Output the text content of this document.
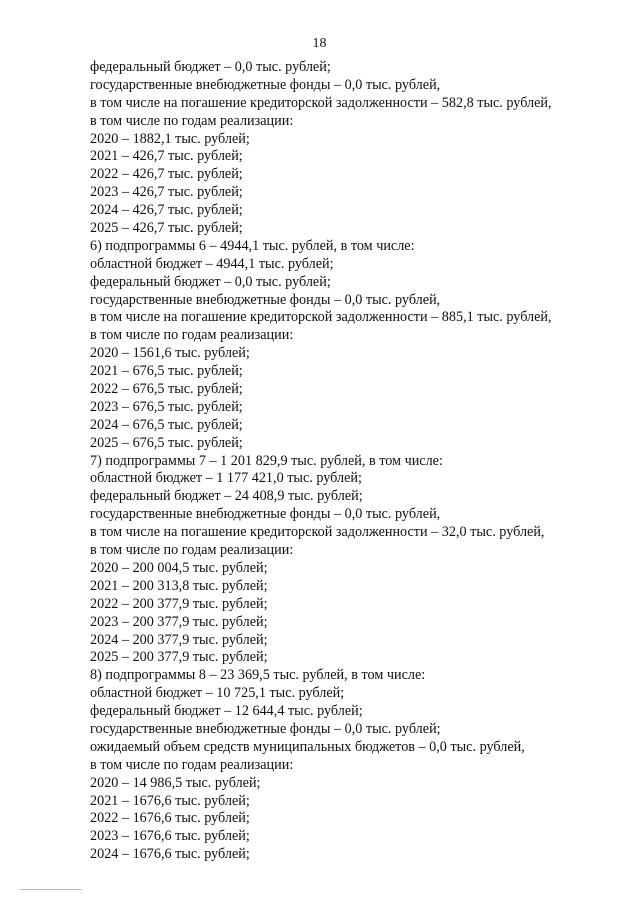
18
федеральный бюджет – 0,0 тыс. рублей;
государственные внебюджетные фонды – 0,0 тыс. рублей,
в том числе на погашение кредиторской задолженности – 582,8 тыс. рублей,
в том числе по годам реализации:
2020 – 1882,1 тыс. рублей;
2021 – 426,7 тыс. рублей;
2022 – 426,7 тыс. рублей;
2023 – 426,7 тыс. рублей;
2024 – 426,7 тыс. рублей;
2025 – 426,7 тыс. рублей;
6) подпрограммы 6 – 4944,1 тыс. рублей, в том числе:
областной бюджет – 4944,1 тыс. рублей;
федеральный бюджет – 0,0 тыс. рублей;
государственные внебюджетные фонды – 0,0 тыс. рублей,
в том числе на погашение кредиторской задолженности – 885,1 тыс. рублей,
в том числе по годам реализации:
2020 – 1561,6 тыс. рублей;
2021 – 676,5 тыс. рублей;
2022 – 676,5 тыс. рублей;
2023 – 676,5 тыс. рублей;
2024 – 676,5 тыс. рублей;
2025 – 676,5 тыс. рублей;
7) подпрограммы 7 – 1 201 829,9 тыс. рублей, в том числе:
областной бюджет – 1 177 421,0 тыс. рублей;
федеральный бюджет – 24 408,9 тыс. рублей;
государственные внебюджетные фонды – 0,0 тыс. рублей,
в том числе на погашение кредиторской задолженности – 32,0 тыс. рублей,
в том числе по годам реализации:
2020 – 200 004,5 тыс. рублей;
2021 – 200 313,8 тыс. рублей;
2022 – 200 377,9 тыс. рублей;
2023 – 200 377,9 тыс. рублей;
2024 – 200 377,9 тыс. рублей;
2025 – 200 377,9 тыс. рублей;
8) подпрограммы 8 – 23 369,5 тыс. рублей, в том числе:
областной бюджет – 10 725,1 тыс. рублей;
федеральный бюджет – 12 644,4 тыс. рублей;
государственные внебюджетные фонды – 0,0 тыс. рублей;
ожидаемый объем средств муниципальных бюджетов – 0,0 тыс. рублей,
в том числе по годам реализации:
2020 – 14 986,5 тыс. рублей;
2021 – 1676,6 тыс. рублей;
2022 – 1676,6 тыс. рублей;
2023 – 1676,6 тыс. рублей;
2024 – 1676,6 тыс. рублей;
